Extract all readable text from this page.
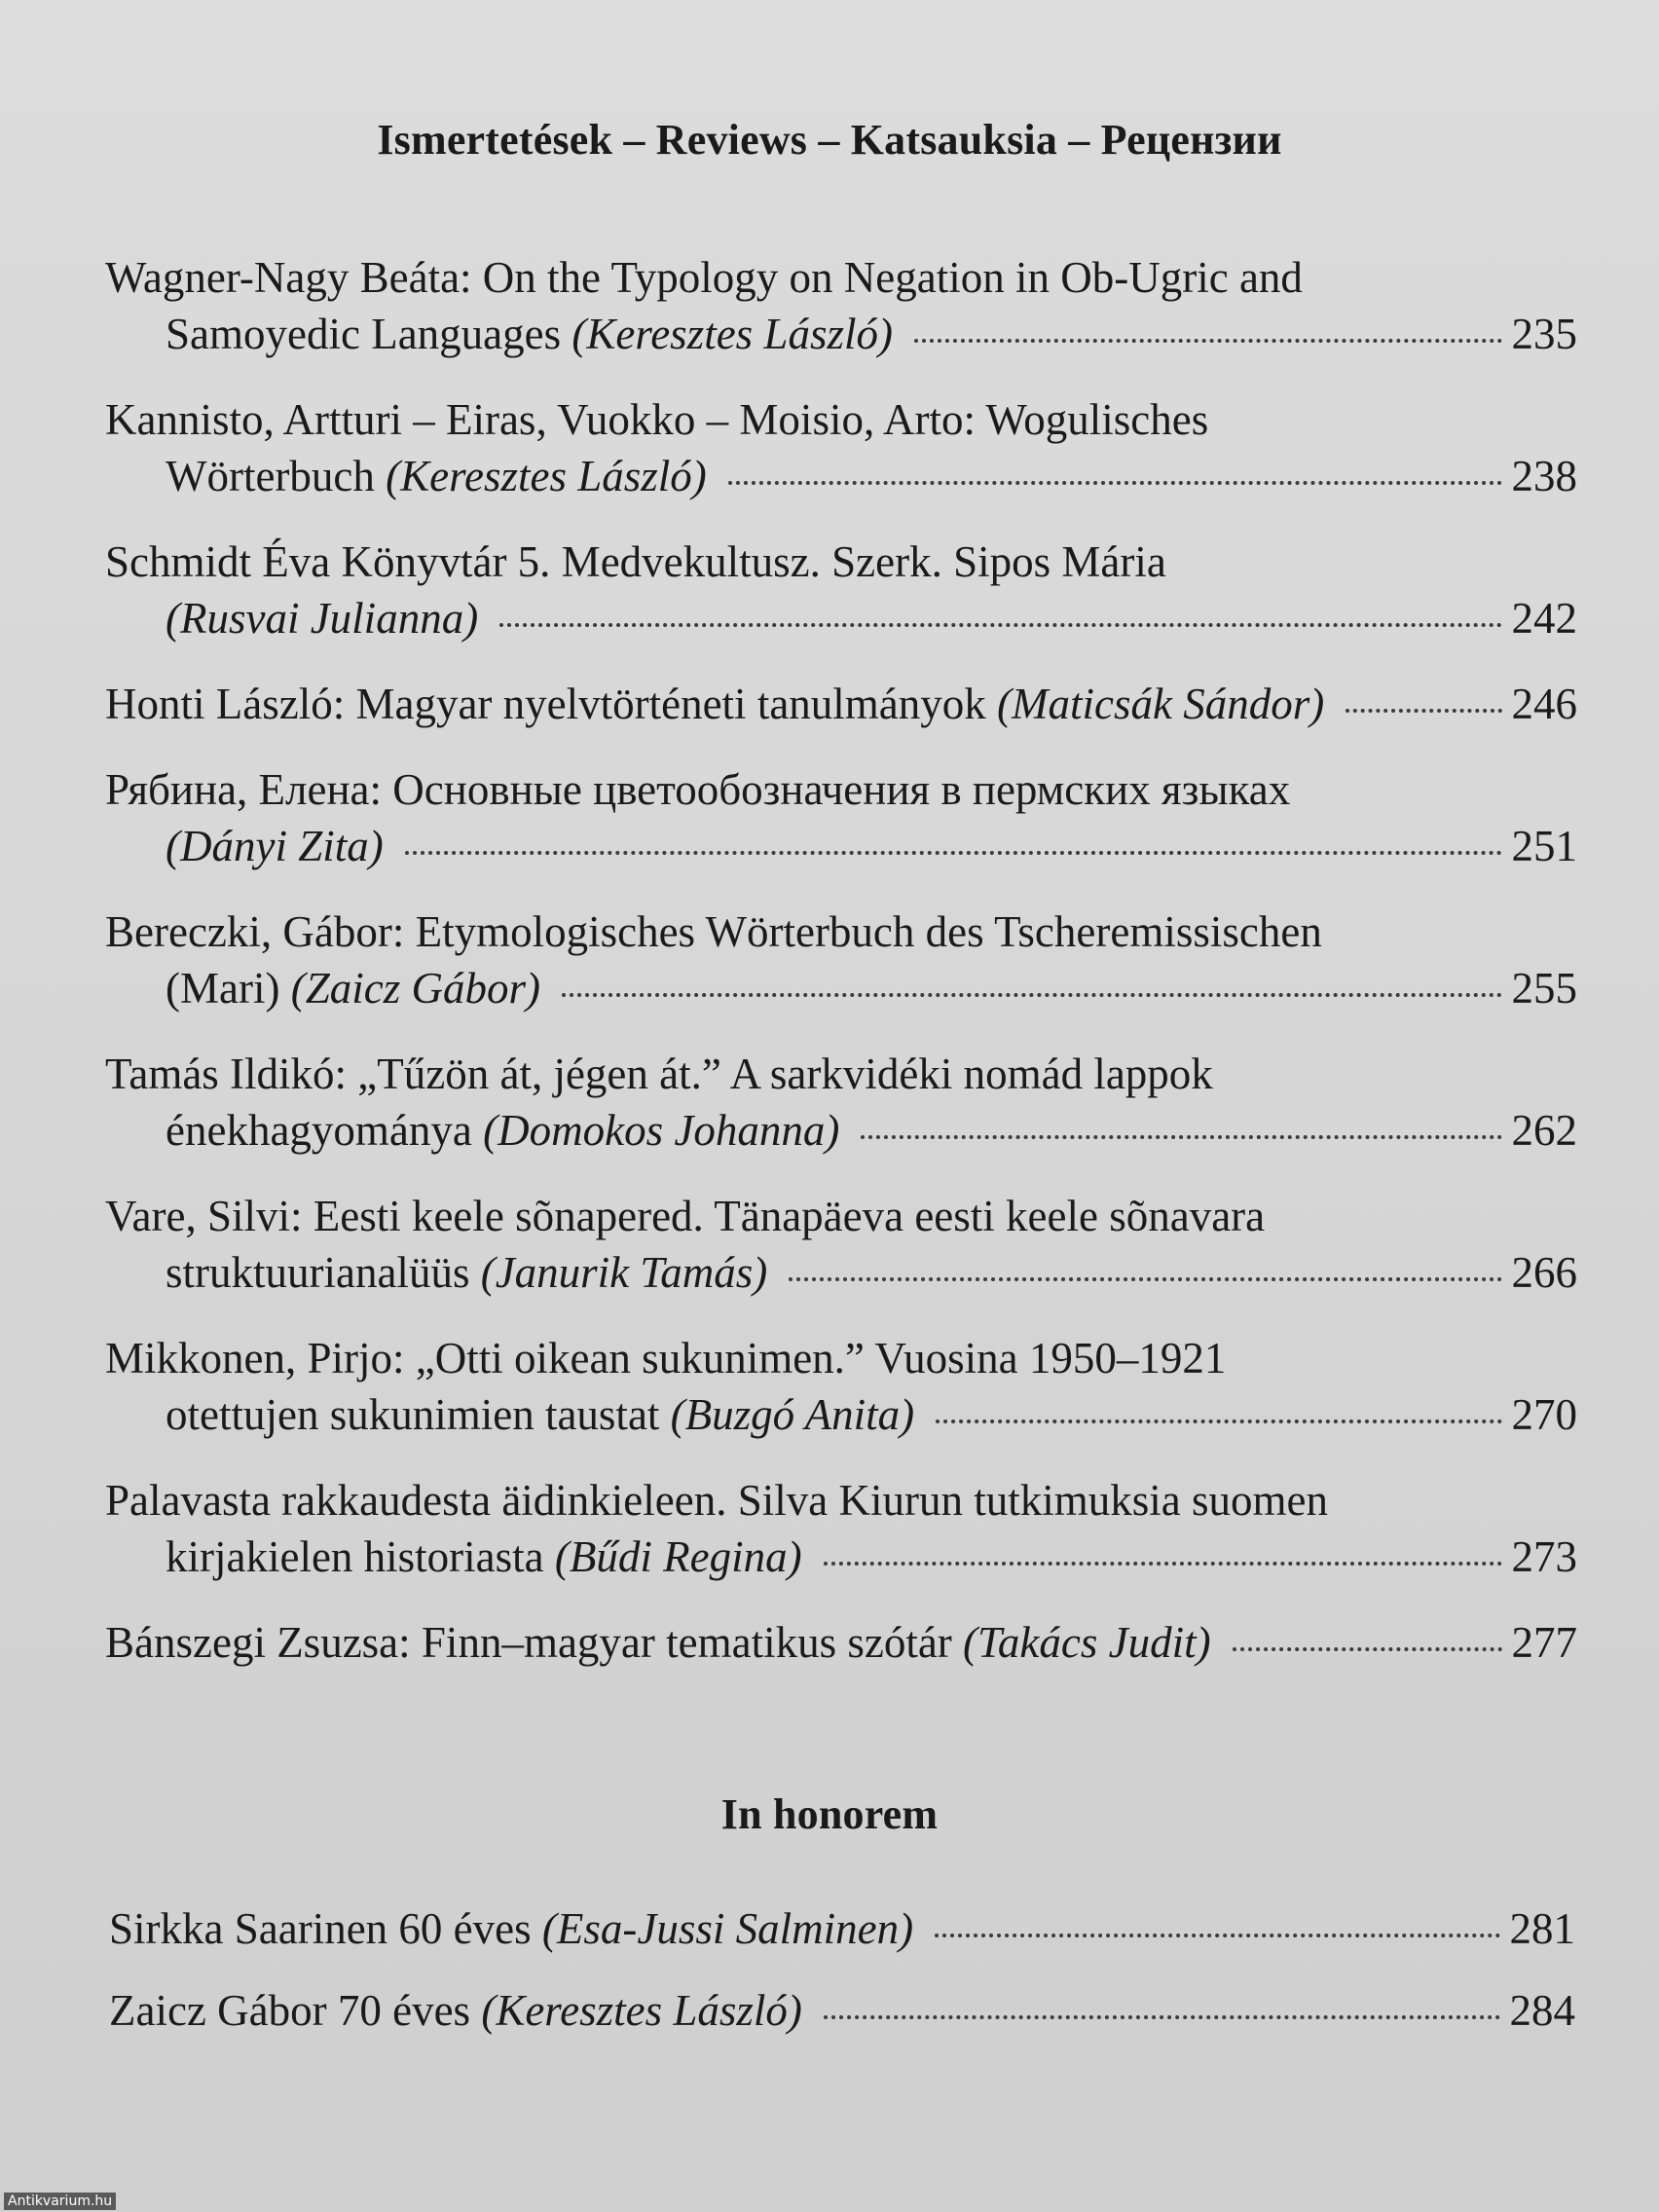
Ismertetések – Reviews – Katsauksia – Рецензии
Wagner-Nagy Beáta: On the Typology on Negation in Ob-Ugric and
Samoyedic Languages (Keresztes László)	235
Kannisto, Artturi – Eiras, Vuokko – Moisio, Arto: Wogulisches
Wörterbuch (Keresztes László)	238
Schmidt Éva Könyvtár 5. Medvekultusz. Szerk. Sipos Mária
(Rusvai Julianna)	242
Honti László: Magyar nyelvtörténeti tanulmányok (Maticsák Sándor)	246
Рябина, Елена: Основные цветообозначения в пермских языках
(Dányi Zita)	251
Bereczki, Gábor: Etymologisches Wörterbuch des Tscheremissischen
(Mari) (Zaicz Gábor)	255
Tamás Ildikó: „Tűzön át, jégen át.” A sarkvidéki nomád lappok
énekhagyománya (Domokos Johanna)	262
Vare, Silvi: Eesti keele sõnapered. Tänapäeva eesti keele sõnavara
struktuurianalüüs (Janurik Tamás)	266
Mikkonen, Pirjo: „Otti oikean sukunimen.” Vuosina 1950–1921
otettujen sukunimien taustat (Buzgó Anita)	270
Palavasta rakkaudesta äidinkieleen. Silva Kiurun tutkimuksia suomen
kirjakielen historiasta (Bűdi Regina)	273
Bánszegi Zsuzsa: Finn–magyar tematikus szótár (Takács Judit)	277
In honorem
Sirkka Saarinen 60 éves (Esa-Jussi Salminen)	281
Zaicz Gábor 70 éves (Keresztes László)	284
Antikvarium.hu
